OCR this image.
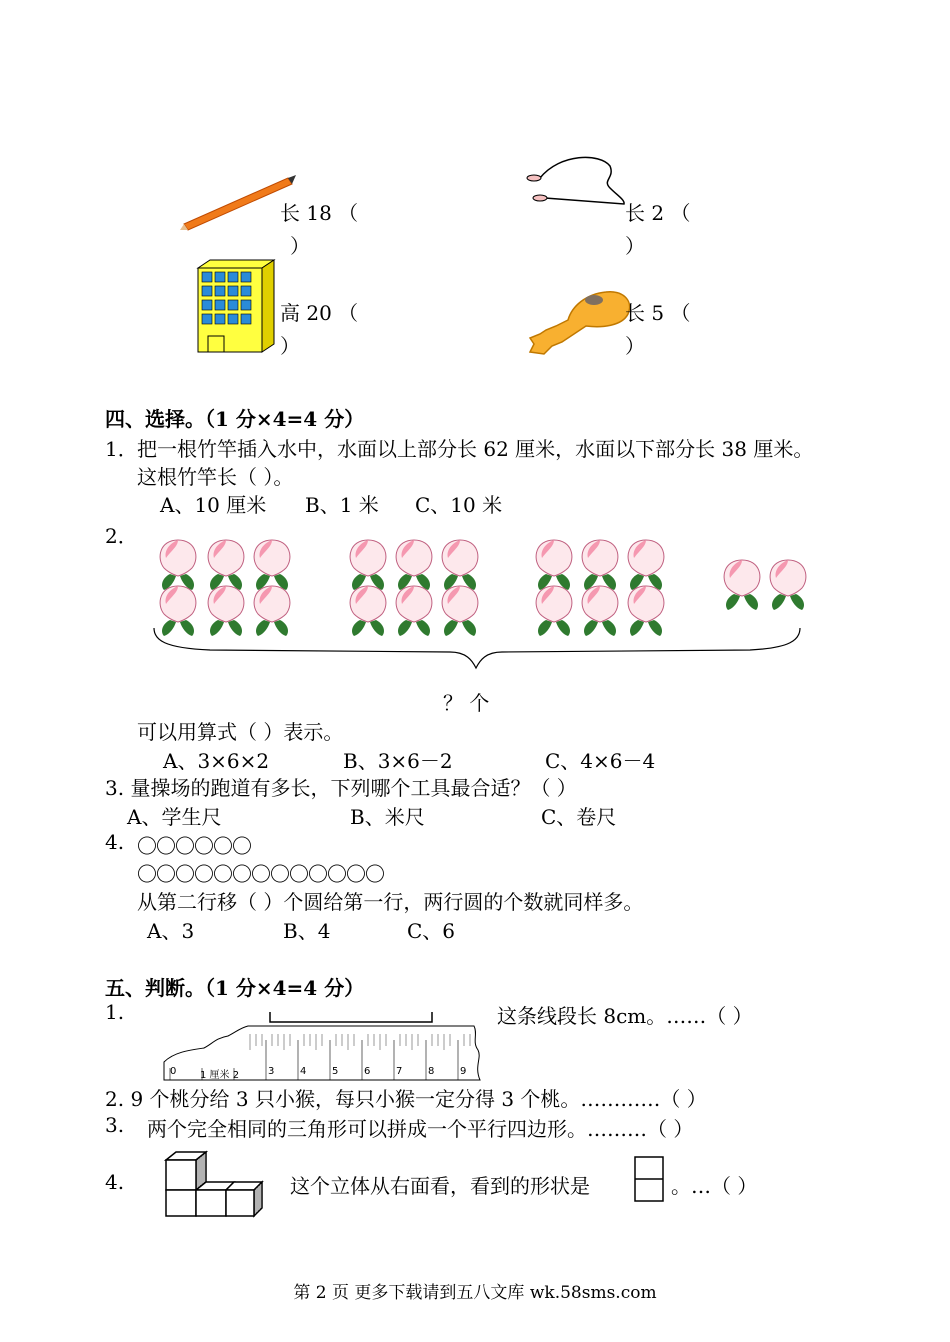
长 18 （
）
长 2 （
）
高 20 （
）
长 5 （
）
四、选择。（1 分×4=4 分）
1． 把一根竹竿插入水中，水面以上部分长 62 厘米，水面以下部分长 38 厘米。
这根竹竿长（ ）。
A、10 厘米 B、1 米 C、10 米
2．
？ 个
可以用算式（ ）表示。
A、3×6×2	B、3×6－2	C、4×6－4
3. 量操场的跑道有多长，下列哪个工具最合适？（ ）
A、学生尺	B、米尺	C、卷尺
4. 〇〇〇〇〇〇
〇〇〇〇〇〇〇〇〇〇〇〇〇
从第二行移（ ）个圆给第一行，两行圆的个数就同样多。
A、3	B、4	C、6
五、判断。（1 分×4=4 分）
1.
0 1 厘米 2	3	4	5	6	7	8	9
这条线段长 8cm。……（ ）
2. 9 个桃分给 3 只小猴，每只小猴一定分得 3 个桃。…………（ ）
3. 两个完全相同的三角形可以拼成一个平行四边形。………（ ）
4.	这个立体从右面看，看到的形状是	。…（ ）
第 2 页 更多下载请到五八文库 wk.58sms.com
